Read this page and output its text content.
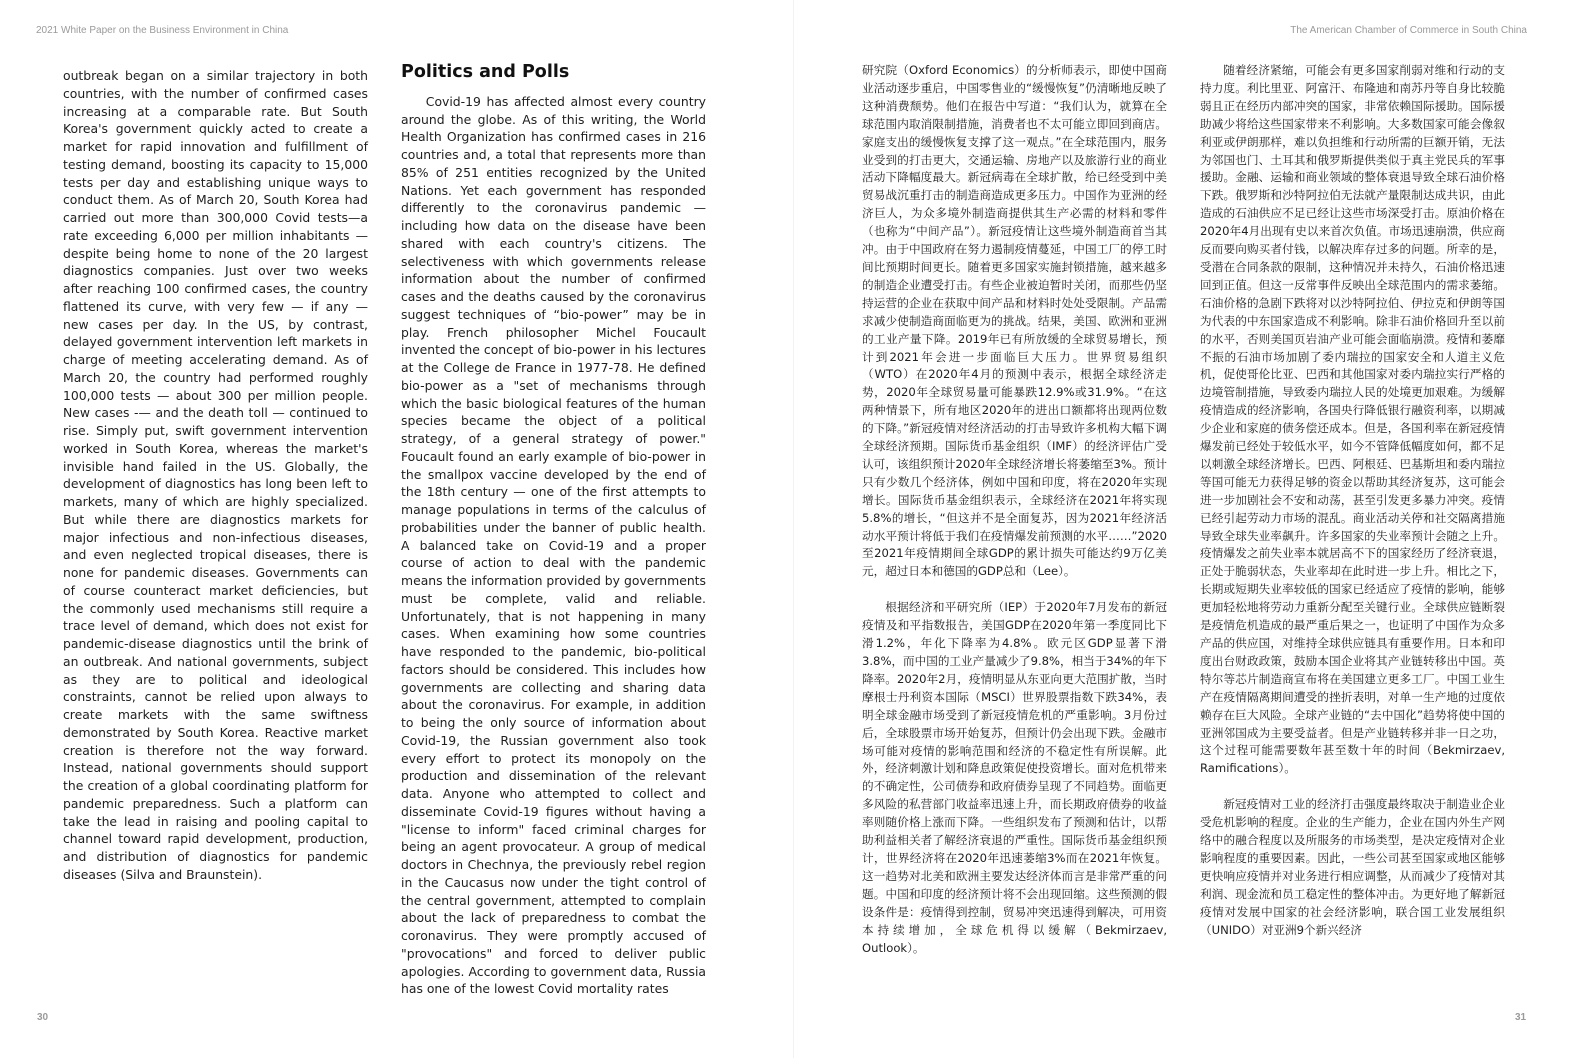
2021 White Paper on the Business Environment in China	The American Chamber of Commerce in South China
30	31

outbreak began on a similar trajectory in both countries, with the number of confirmed cases increasing at a comparable rate. But South Korea's government quickly acted to create a market for rapid innovation and fulfillment of testing demand, boosting its capacity to 15,000 tests per day and establishing unique ways to conduct them. As of March 20, South Korea had carried out more than 300,000 Covid tests—a rate exceeding 6,000 per million inhabitants — despite being home to none of the 20 largest diagnostics companies. Just over two weeks after reaching 100 confirmed cases, the country flattened its curve, with very few — if any — new cases per day. In the US, by contrast, delayed government intervention left markets in charge of meeting accelerating demand. As of March 20, the country had performed roughly 100,000 tests — about 300 per million people. New cases -— and the death toll — continued to rise. Simply put, swift government intervention worked in South Korea, whereas the market's invisible hand failed in the US. Globally, the development of diagnostics has long been left to markets, many of which are highly specialized. But while there are diagnostics markets for major infectious and non-infectious diseases, and even neglected tropical diseases, there is none for pandemic diseases. Governments can of course counteract market deficiencies, but the commonly used mechanisms still require a trace level of demand, which does not exist for pandemic-disease diagnostics until the brink of an outbreak. And national governments, subject as they are to political and ideological constraints, cannot be relied upon always to create markets with the same swiftness demonstrated by South Korea. Reactive market creation is therefore not the way forward. Instead, national governments should support the creation of a global coordinating platform for pandemic preparedness. Such a platform can take the lead in raising and pooling capital to channel toward rapid development, production, and distribution of diagnostics for pandemic diseases (Silva and Braunstein).

Politics and Polls

Covid-19 has affected almost every country around the globe. As of this writing, the World Health Organization has confirmed cases in 216 countries and, a total that represents more than 85% of 251 entities recognized by the United Nations. Yet each government has responded differently to the coronavirus pandemic — including how data on the disease have been shared with each country's citizens. The selectiveness with which governments release information about the number of confirmed cases and the deaths caused by the coronavirus suggest techniques of “bio-power” may be in play. French philosopher Michel Foucault invented the concept of bio-power in his lectures at the College de France in 1977-78. He defined bio-power as a "set of mechanisms through which the basic biological features of the human species became the object of a political strategy, of a general strategy of power." Foucault found an early example of bio-power in the smallpox vaccine developed by the end of the 18th century — one of the first attempts to manage populations in terms of the calculus of probabilities under the banner of public health. A balanced take on Covid-19 and a proper course of action to deal with the pandemic means the information provided by governments must be complete, valid and reliable. Unfortunately, that is not happening in many cases. When examining how some countries have responded to the pandemic, bio-political factors should be considered. This includes how governments are collecting and sharing data about the coronavirus. For example, in addition to being the only source of information about Covid-19, the Russian government also took every effort to protect its monopoly on the production and dissemination of the relevant data. Anyone who attempted to collect and disseminate Covid-19 figures without having a "license to inform" faced criminal charges for being an agent provocateur. A group of medical doctors in Chechnya, the previously rebel region in the Caucasus now under the tight control of the central government, attempted to complain about the lack of preparedness to combat the coronavirus. They were promptly accused of "provocations" and forced to deliver public apologies. According to government data, Russia has one of the lowest Covid mortality rates

研究院（Oxford Economics）的分析师表示，即使中国商业活动逐步重启，中国零售业的“缓慢恢复”仍清晰地反映了这种消费颓势。他们在报告中写道：“我们认为，就算在全球范围内取消限制措施，消费者也不太可能立即回到商店。家庭支出的缓慢恢复支撑了这一观点。”在全球范围内，服务业受到的打击更大，交通运输、房地产以及旅游行业的商业活动下降幅度最大。新冠病毒在全球扩散，给已经受到中美贸易战沉重打击的制造商造成更多压力。中国作为亚洲的经济巨人，为众多境外制造商提供其生产必需的材料和零件（也称为“中间产品”）。新冠疫情让这些境外制造商首当其冲。由于中国政府在努力遏制疫情蔓延，中国工厂的停工时间比预期时间更长。随着更多国家实施封锁措施，越来越多的制造企业遭受打击。有些企业被迫暂时关闭，而那些仍坚持运营的企业在获取中间产品和材料时处处受限制。产品需求减少使制造商面临更为的挑战。结果，美国、欧洲和亚洲的工业产量下降。2019年已有所放缓的全球贸易增长，预计到2021年会进一步面临巨大压力。世界贸易组织（WTO）在2020年4月的预测中表示，根据全球经济走势，2020年全球贸易量可能暴跌12.9%或31.9%。“在这两种情景下，所有地区2020年的进出口额都将出现两位数的下降。”新冠疫情对经济活动的打击导致许多机构大幅下调全球经济预期。国际货币基金组织（IMF）的经济评估广受认可，该组织预计2020年全球经济增长将萎缩至3%。预计只有少数几个经济体，例如中国和印度，将在2020年实现增长。国际货币基金组织表示，全球经济在2021年将实现5.8%的增长，“但这并不是全面复苏，因为2021年经济活动水平预计将低于我们在疫情爆发前预测的水平……”2020至2021年疫情期间全球GDP的累计损失可能达约9万亿美元，超过日本和德国的GDP总和（Lee）。

根据经济和平研究所（IEP）于2020年7月发布的新冠疫情及和平指数报告，美国GDP在2020年第一季度同比下滑1.2%，年化下降率为4.8%。欧元区GDP显著下滑3.8%，而中国的工业产量减少了9.8%，相当于34%的年下降率。2020年2月，疫情明显从东亚向更大范围扩散，当时摩根士丹利资本国际（MSCI）世界股票指数下跌34%，表明全球金融市场受到了新冠疫情危机的严重影响。3月份过后，全球股票市场开始复苏，但预计仍会出现下跌。金融市场可能对疫情的影响范围和经济的不稳定性有所误解。此外，经济刺激计划和降息政策促使投资增长。面对危机带来的不确定性，公司债券和政府债券呈现了不同趋势。面临更多风险的私营部门收益率迅速上升，而长期政府债券的收益率则随价格上涨而下降。一些组织发布了预测和估计，以帮助利益相关者了解经济衰退的严重性。国际货币基金组织预计，世界经济将在2020年迅速萎缩3%而在2021年恢复。这一趋势对北美和欧洲主要发达经济体而言是非常严重的问题。中国和印度的经济预计将不会出现回缩。这些预测的假设条件是：疫情得到控制，贸易冲突迅速得到解决，可用资本持续增加，全球危机得以缓解（Bekmirzaev, Outlook）。

随着经济紧缩，可能会有更多国家削弱对维和行动的支持力度。利比里亚、阿富汗、布隆迪和南苏丹等自身比较脆弱且正在经历内部冲突的国家，非常依赖国际援助。国际援助减少将给这些国家带来不利影响。大多数国家可能会像叙利亚或伊朗那样，难以负担维和行动所需的巨额开销，无法为邻国也门、土耳其和俄罗斯提供类似于真主党民兵的军事援助。金融、运输和商业领域的整体衰退导致全球石油价格下跌。俄罗斯和沙特阿拉伯无法就产量限制达成共识，由此造成的石油供应不足已经让这些市场深受打击。原油价格在2020年4月出现有史以来首次负值。市场迅速崩溃，供应商反而要向购买者付钱，以解决库存过多的问题。所幸的是，受潜在合同条款的限制，这种情况并未持久，石油价格迅速回到正值。但这一反常事件反映出全球范围内的需求萎缩。石油价格的急剧下跌将对以沙特阿拉伯、伊拉克和伊朗等国为代表的中东国家造成不利影响。除非石油价格回升至以前的水平，否则美国页岩油产业可能会面临崩溃。疫情和萎靡不振的石油市场加剧了委内瑞拉的国家安全和人道主义危机，促使哥伦比亚、巴西和其他国家对委内瑞拉实行严格的边境管制措施，导致委内瑞拉人民的处境更加艰难。为缓解疫情造成的经济影响，各国央行降低银行融资利率，以期减少企业和家庭的债务偿还成本。但是，各国利率在新冠疫情爆发前已经处于较低水平，如今不管降低幅度如何，都不足以刺激全球经济增长。巴西、阿根廷、巴基斯坦和委内瑞拉等国可能无力获得足够的资金以帮助其经济复苏，这可能会进一步加剧社会不安和动荡，甚至引发更多暴力冲突。疫情已经引起劳动力市场的混乱。商业活动关停和社交隔离措施导致全球失业率飙升。许多国家的失业率预计会随之上升。疫情爆发之前失业率本就居高不下的国家经历了经济衰退，正处于脆弱状态，失业率却在此时进一步上升。相比之下，长期或短期失业率较低的国家已经适应了疫情的影响，能够更加轻松地将劳动力重新分配至关键行业。全球供应链断裂是疫情危机造成的最严重后果之一，也证明了中国作为众多产品的供应国，对维持全球供应链具有重要作用。日本和印度出台财政政策，鼓励本国企业将其产业链转移出中国。英特尔等芯片制造商宣布将在美国建立更多工厂。中国工业生产在疫情隔离期间遭受的挫折表明，对单一生产地的过度依赖存在巨大风险。全球产业链的“去中国化”趋势将使中国的亚洲邻国成为主要受益者。但是产业链转移并非一日之功，这个过程可能需要数年甚至数十年的时间（Bekmirzaev, Ramifications）。

新冠疫情对工业的经济打击强度最终取决于制造业企业受危机影响的程度。企业的生产能力，企业在国内外生产网络中的融合程度以及所服务的市场类型，是决定疫情对企业影响程度的重要因素。因此，一些公司甚至国家或地区能够更快响应疫情并对业务进行相应调整，从而减少了疫情对其利润、现金流和员工稳定性的整体冲击。为更好地了解新冠疫情对发展中国家的社会经济影响，联合国工业发展组织（UNIDO）对亚洲9个新兴经济
